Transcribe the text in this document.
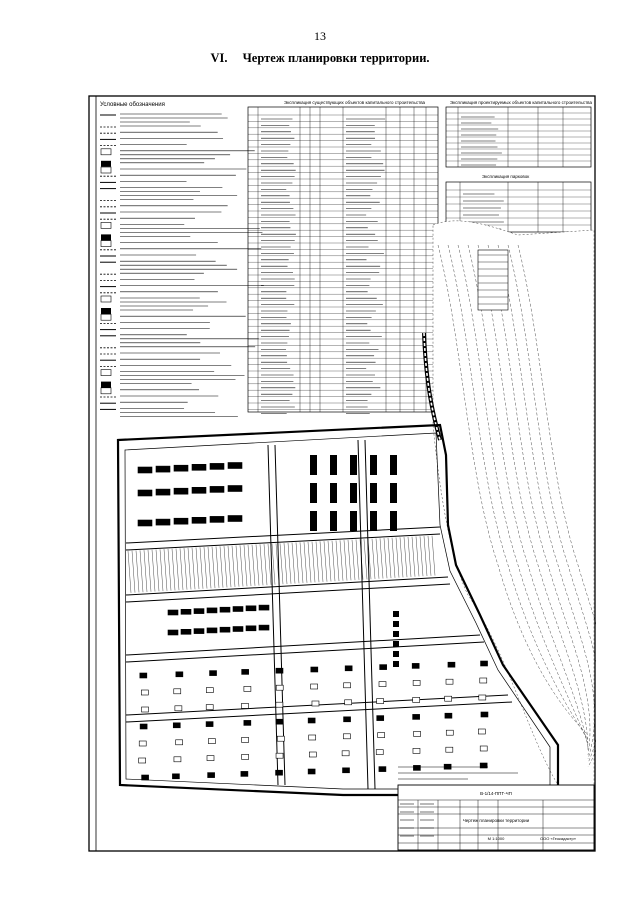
13
VI. Чертеж планировки территории.
Условные обозначения	Экспликация существующих объектов капитального строительства	Экспликация проектируемых объектов капитального строительства
Экспликация парковок
В-1/14-ППТ-ЧП
Чертеж планировки территории
ООО «Геокадастр»
М 1:1000
